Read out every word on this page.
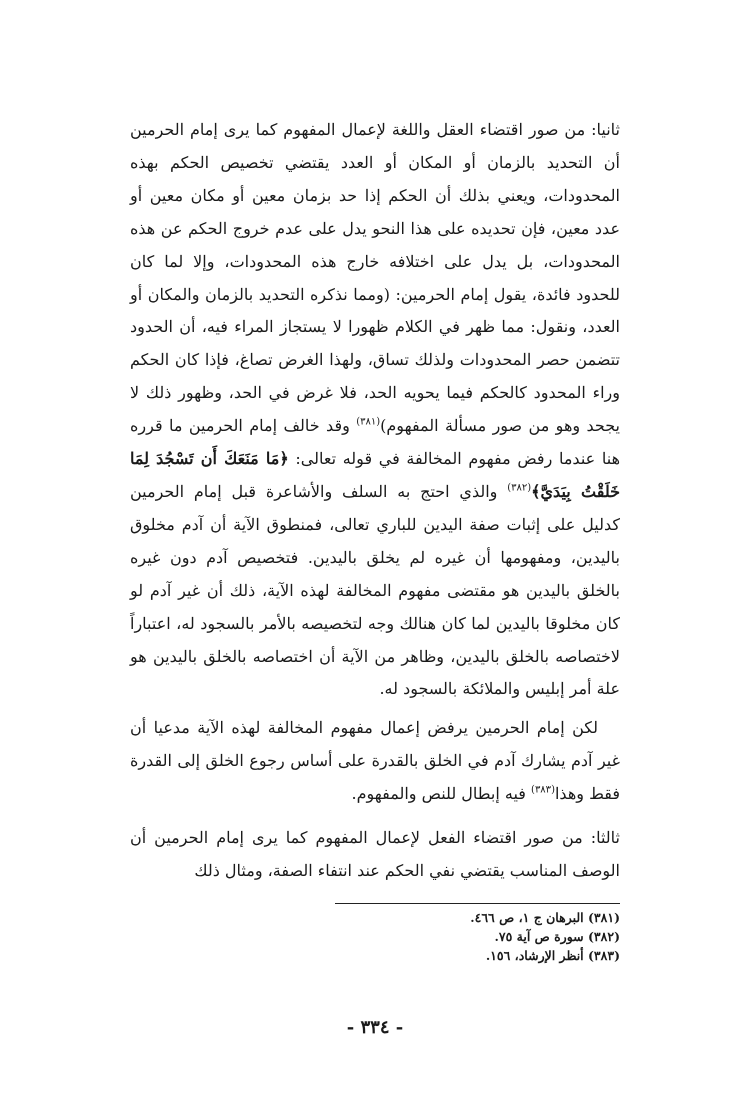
ثانيا: من صور اقتضاء العقل واللغة لإعمال المفهوم كما يرى إمام الحرمين أن التحديد بالزمان أو المكان أو العدد يقتضي تخصيص الحكم بهذه المحدودات، ويعني بذلك أن الحكم إذا حد بزمان معين أو مكان معين أو عدد معين، فإن تحديده على هذا النحو يدل على عدم خروج الحكم عن هذه المحدودات، بل يدل على اختلافه خارج هذه المحدودات، وإلا لما كان للحدود فائدة، يقول إمام الحرمين: (ومما نذكره التحديد بالزمان والمكان أو العدد، ونقول: مما ظهر في الكلام ظهورا لا يستجاز المراء فيه، أن الحدود تتضمن حصر المحدودات ولذلك تساق، ولهذا الغرض تصاغ، فإذا كان الحكم وراء المحدود كالحكم فيما يحويه الحد، فلا غرض في الحد، وظهور ذلك لا يجحد وهو من صور مسألة المفهوم)$^{(٣٨١)}$ وقد خالف إمام الحرمين ما قرره هنا عندما رفض مفهوم المخالفة في قوله تعالى: ﴿مَا مَنَعَكَ أَن تَسْجُدَ لِمَا خَلَقْتُ بِيَدَيَّ﴾$^{(٣٨٢)}$ والذي احتج به السلف والأشاعرة قبل إمام الحرمين كدليل على إثبات صفة اليدين للباري تعالى، فمنطوق الآية أن آدم مخلوق باليدين، ومفهومها أن غيره لم يخلق باليدين. فتخصيص آدم دون غيره بالخلق باليدين هو مقتضى مفهوم المخالفة لهذه الآية، ذلك أن غير آدم لو كان مخلوقا باليدين لما كان هنالك وجه لتخصيصه بالأمر بالسجود له، اعتباراً لاختصاصه بالخلق باليدين، وظاهر من الآية أن اختصاصه بالخلق باليدين هو علة أمر إبليس والملائكة بالسجود له.
لكن إمام الحرمين يرفض إعمال مفهوم المخالفة لهذه الآية مدعيا أن غير آدم يشارك آدم في الخلق بالقدرة على أساس رجوع الخلق إلى القدرة فقط وهذا$^{(٣٨٣)}$ فيه إبطال للنص والمفهوم.
ثالثا: من صور اقتضاء الفعل لإعمال المفهوم كما يرى إمام الحرمين أن الوصف المناسب يقتضي نفي الحكم عند انتفاء الصفة، ومثال ذلك
(٣٨١) البرهان ج ١، ص ٤٦٦.
(٣٨٢) سورة ص آية ٧٥.
(٣٨٣) أنظر الإرشاد، ١٥٦.
- ٣٣٤ -
